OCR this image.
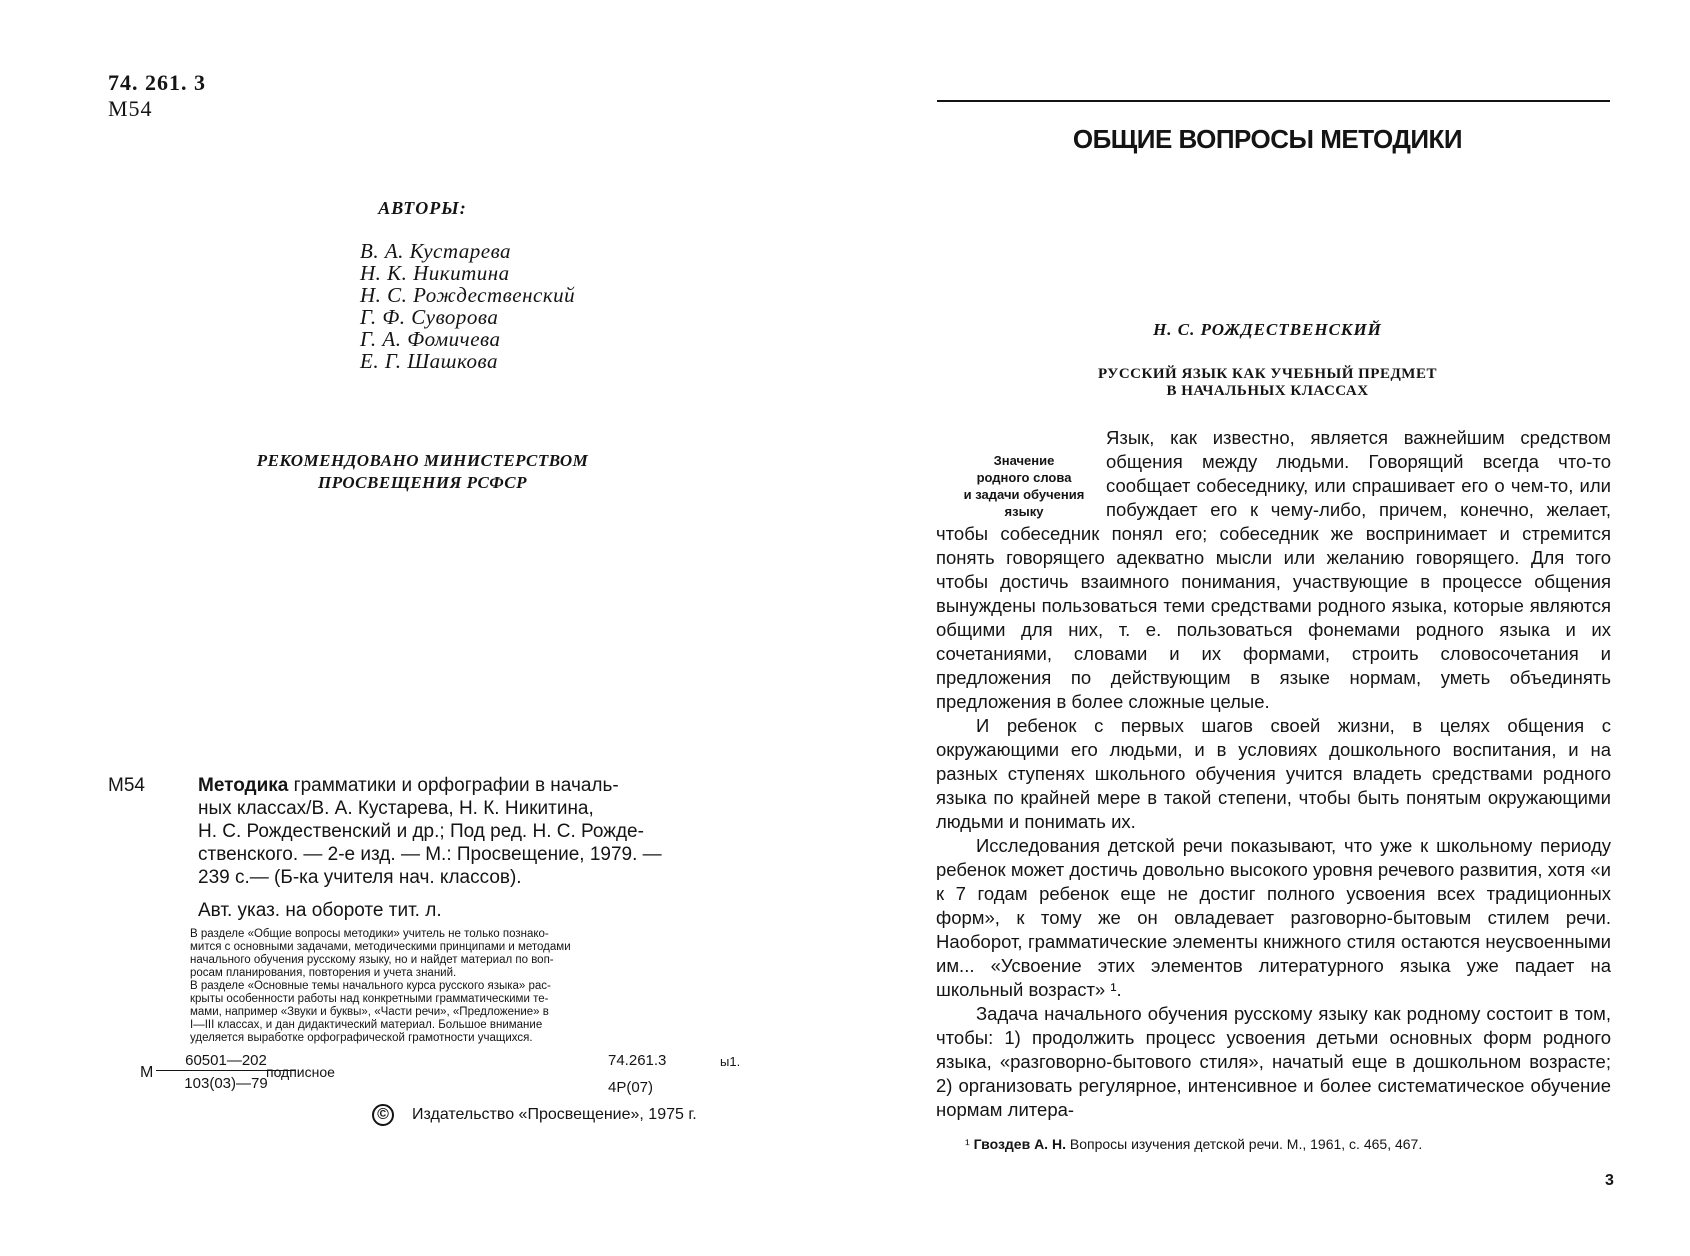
74. 261. 3
М54
АВТОРЫ:
В. А. Кустарева
Н. К. Никитина
Н. С. Рождественский
Г. Ф. Суворова
Г. А. Фомичева
Е. Г. Шашкова
РЕКОМЕНДОВАНО МИНИСТЕРСТВОМ
ПРОСВЕЩЕНИЯ РСФСР
М54	Методика грамматики и орфографии в началь-
ных классах/В. А. Кустарева, Н. К. Никитина,
Н. С. Рождественский и др.; Под ред. Н. С. Рожде-
ственского. — 2-е изд. — М.: Просвещение, 1979. —
239 с.— (Б-ка учителя нач. классов).
Авт. указ. на обороте тит. л.

В разделе «Общие вопросы методики» учитель не только познако-

мится с основными задачами, методическими принципами и методами

начального обучения русскому языку, но и найдет материал по воп-

росам планирования, повторения и учета знаний.

В разделе «Основные темы начального курса русского языка» рас-

крыты особенности работы над конкретными грамматическими те-

мами, например «Звуки и буквы», «Части речи», «Предложение» в

I—III классах, и дан дидактический материал. Большое внимание

уделяется выработке орфографической грамотности учащихся.

М $\frac{60501—202}{103(03)—79}$
подписное
74.261.3
4Р(07)
ы1.
©	Издательство «Просвещение», 1975 г.
ОБЩИЕ ВОПРОСЫ МЕТОДИКИ
Н. С. РОЖДЕСТВЕНСКИЙ
РУССКИЙ ЯЗЫК КАК УЧЕБНЫЙ ПРЕДМЕТ
В НАЧАЛЬНЫХ КЛАССАХ

Язык, как известно, является важнейшим средством общения между людьми. Говорящий всегда что-то сообщает собеседнику, или спрашивает его о чем-то, или побуждает его к чему-либо, причем, конечно, желает, чтобы собеседник понял его; собеседник же воспринимает и стремится понять говорящего адекватно мысли или желанию говорящего. Для того чтобы достичь взаимного понимания, участвующие в процессе общения вынуждены пользоваться теми средствами родного языка, которые являются общими для них, т. е. пользоваться фонемами родного языка и их сочетаниями, словами и их формами, строить словосочетания и предложения по действующим в языке нормам, уметь объединять предложения в более сложные целые.

И ребенок с первых шагов своей жизни, в целях общения с окружающими его людьми, и в условиях дошкольного воспитания, и на разных ступенях школьного обучения учится владеть средствами родного языка по крайней мере в такой степени, чтобы быть понятым окружающими людьми и понимать их.

Исследования детской речи показывают, что уже к школьному периоду ребенок может достичь довольно высокого уровня речевого развития, хотя «и к 7 годам ребенок еще не достиг полного усвоения всех традиционных форм», к тому же он овладевает разговорно-бытовым стилем речи. Наоборот, грамматические элементы книжного стиля остаются неусвоенными им... «Усвоение этих элементов литературного языка уже падает на школьный возраст» ¹.

Задача начального обучения русскому языку как родному состоит в том, чтобы: 1) продолжить процесс усвоения детьми основных форм родного языка, «разговорно-бытового стиля», начатый еще в дошкольном возрасте; 2) организовать регулярное, интенсивное и более систематическое обучение нормам литера-

Значение
родного слова
и задачи обучения
языку
¹ Гвоздев А. Н. Вопросы изучения детской речи. М., 1961, с. 465, 467.
3
